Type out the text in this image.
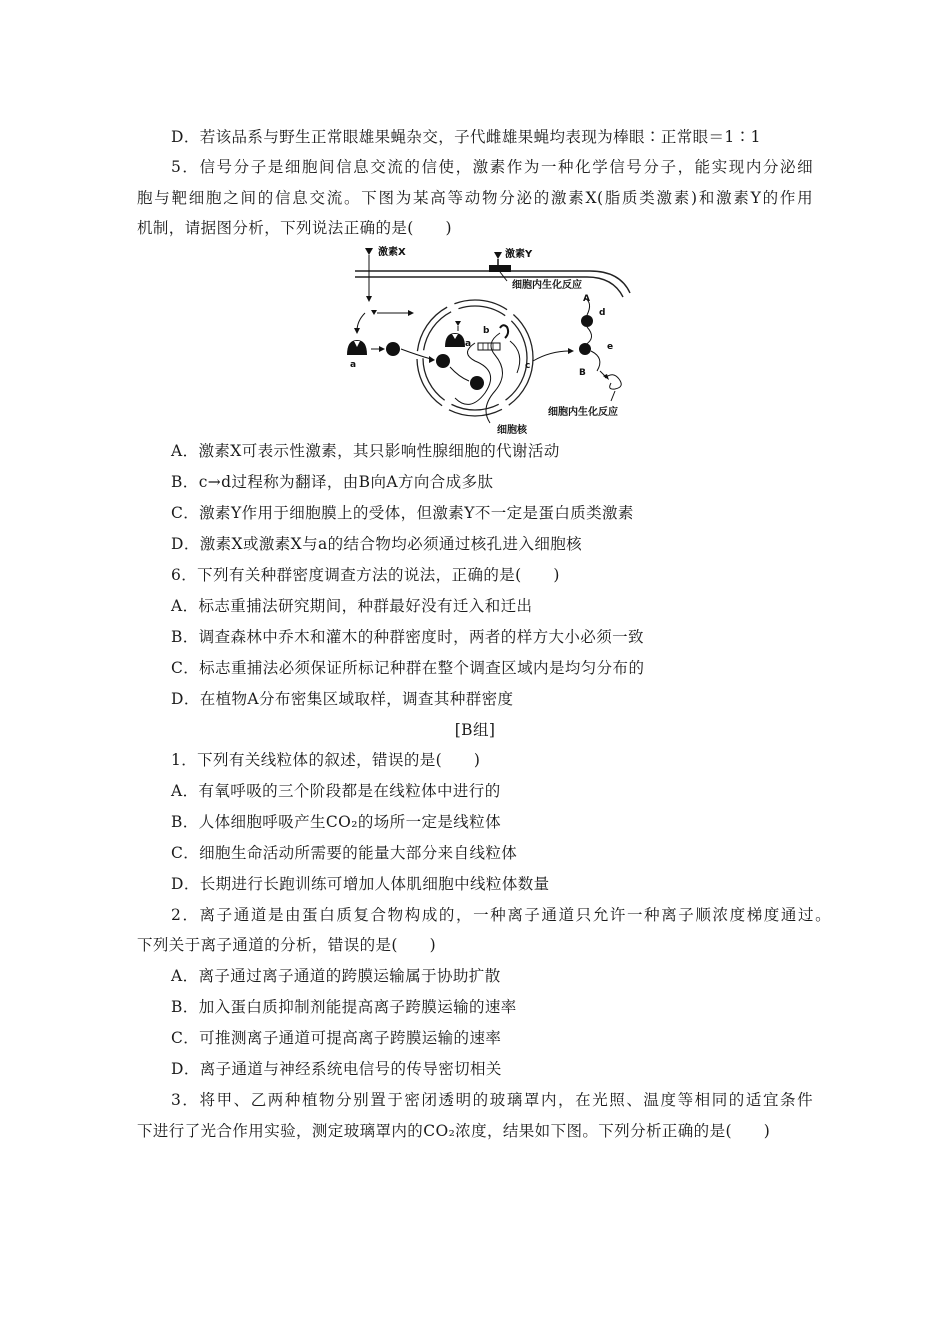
D．若该品系与野生正常眼雄果蝇杂交，子代雌雄果蝇均表现为棒眼∶正常眼＝1∶1
5．信号分子是细胞间信息交流的信使，激素作为一种化学信号分子，能实现内分泌细
胞与靶细胞之间的信息交流。下图为某高等动物分泌的激素X(脂质类激素)和激素Y的作用
机制，请据图分析，下列说法正确的是(　　)
激素X	激素Y
细胞内生化反应
a
a
b
c
A
d
B
e
细胞内生化反应
细胞核
A．激素X可表示性激素，其只影响性腺细胞的代谢活动
B．c→d过程称为翻译，由B向A方向合成多肽
C．激素Y作用于细胞膜上的受体，但激素Y不一定是蛋白质类激素
D．激素X或激素X与a的结合物均必须通过核孔进入细胞核
6．下列有关种群密度调查方法的说法，正确的是(　　)
A．标志重捕法研究期间，种群最好没有迁入和迁出
B．调查森林中乔木和灌木的种群密度时，两者的样方大小必须一致
C．标志重捕法必须保证所标记种群在整个调查区域内是均匀分布的
D．在植物A分布密集区域取样，调查其种群密度
[B组]
1．下列有关线粒体的叙述，错误的是(　　)
A．有氧呼吸的三个阶段都是在线粒体中进行的
B．人体细胞呼吸产生CO₂的场所一定是线粒体
C．细胞生命活动所需要的能量大部分来自线粒体
D．长期进行长跑训练可增加人体肌细胞中线粒体数量
2．离子通道是由蛋白质复合物构成的，一种离子通道只允许一种离子顺浓度梯度通过。
下列关于离子通道的分析，错误的是(　　)
A．离子通过离子通道的跨膜运输属于协助扩散
B．加入蛋白质抑制剂能提高离子跨膜运输的速率
C．可推测离子通道可提高离子跨膜运输的速率
D．离子通道与神经系统电信号的传导密切相关
3．将甲、乙两种植物分别置于密闭透明的玻璃罩内，在光照、温度等相同的适宜条件
下进行了光合作用实验，测定玻璃罩内的CO₂浓度，结果如下图。下列分析正确的是(　　)
